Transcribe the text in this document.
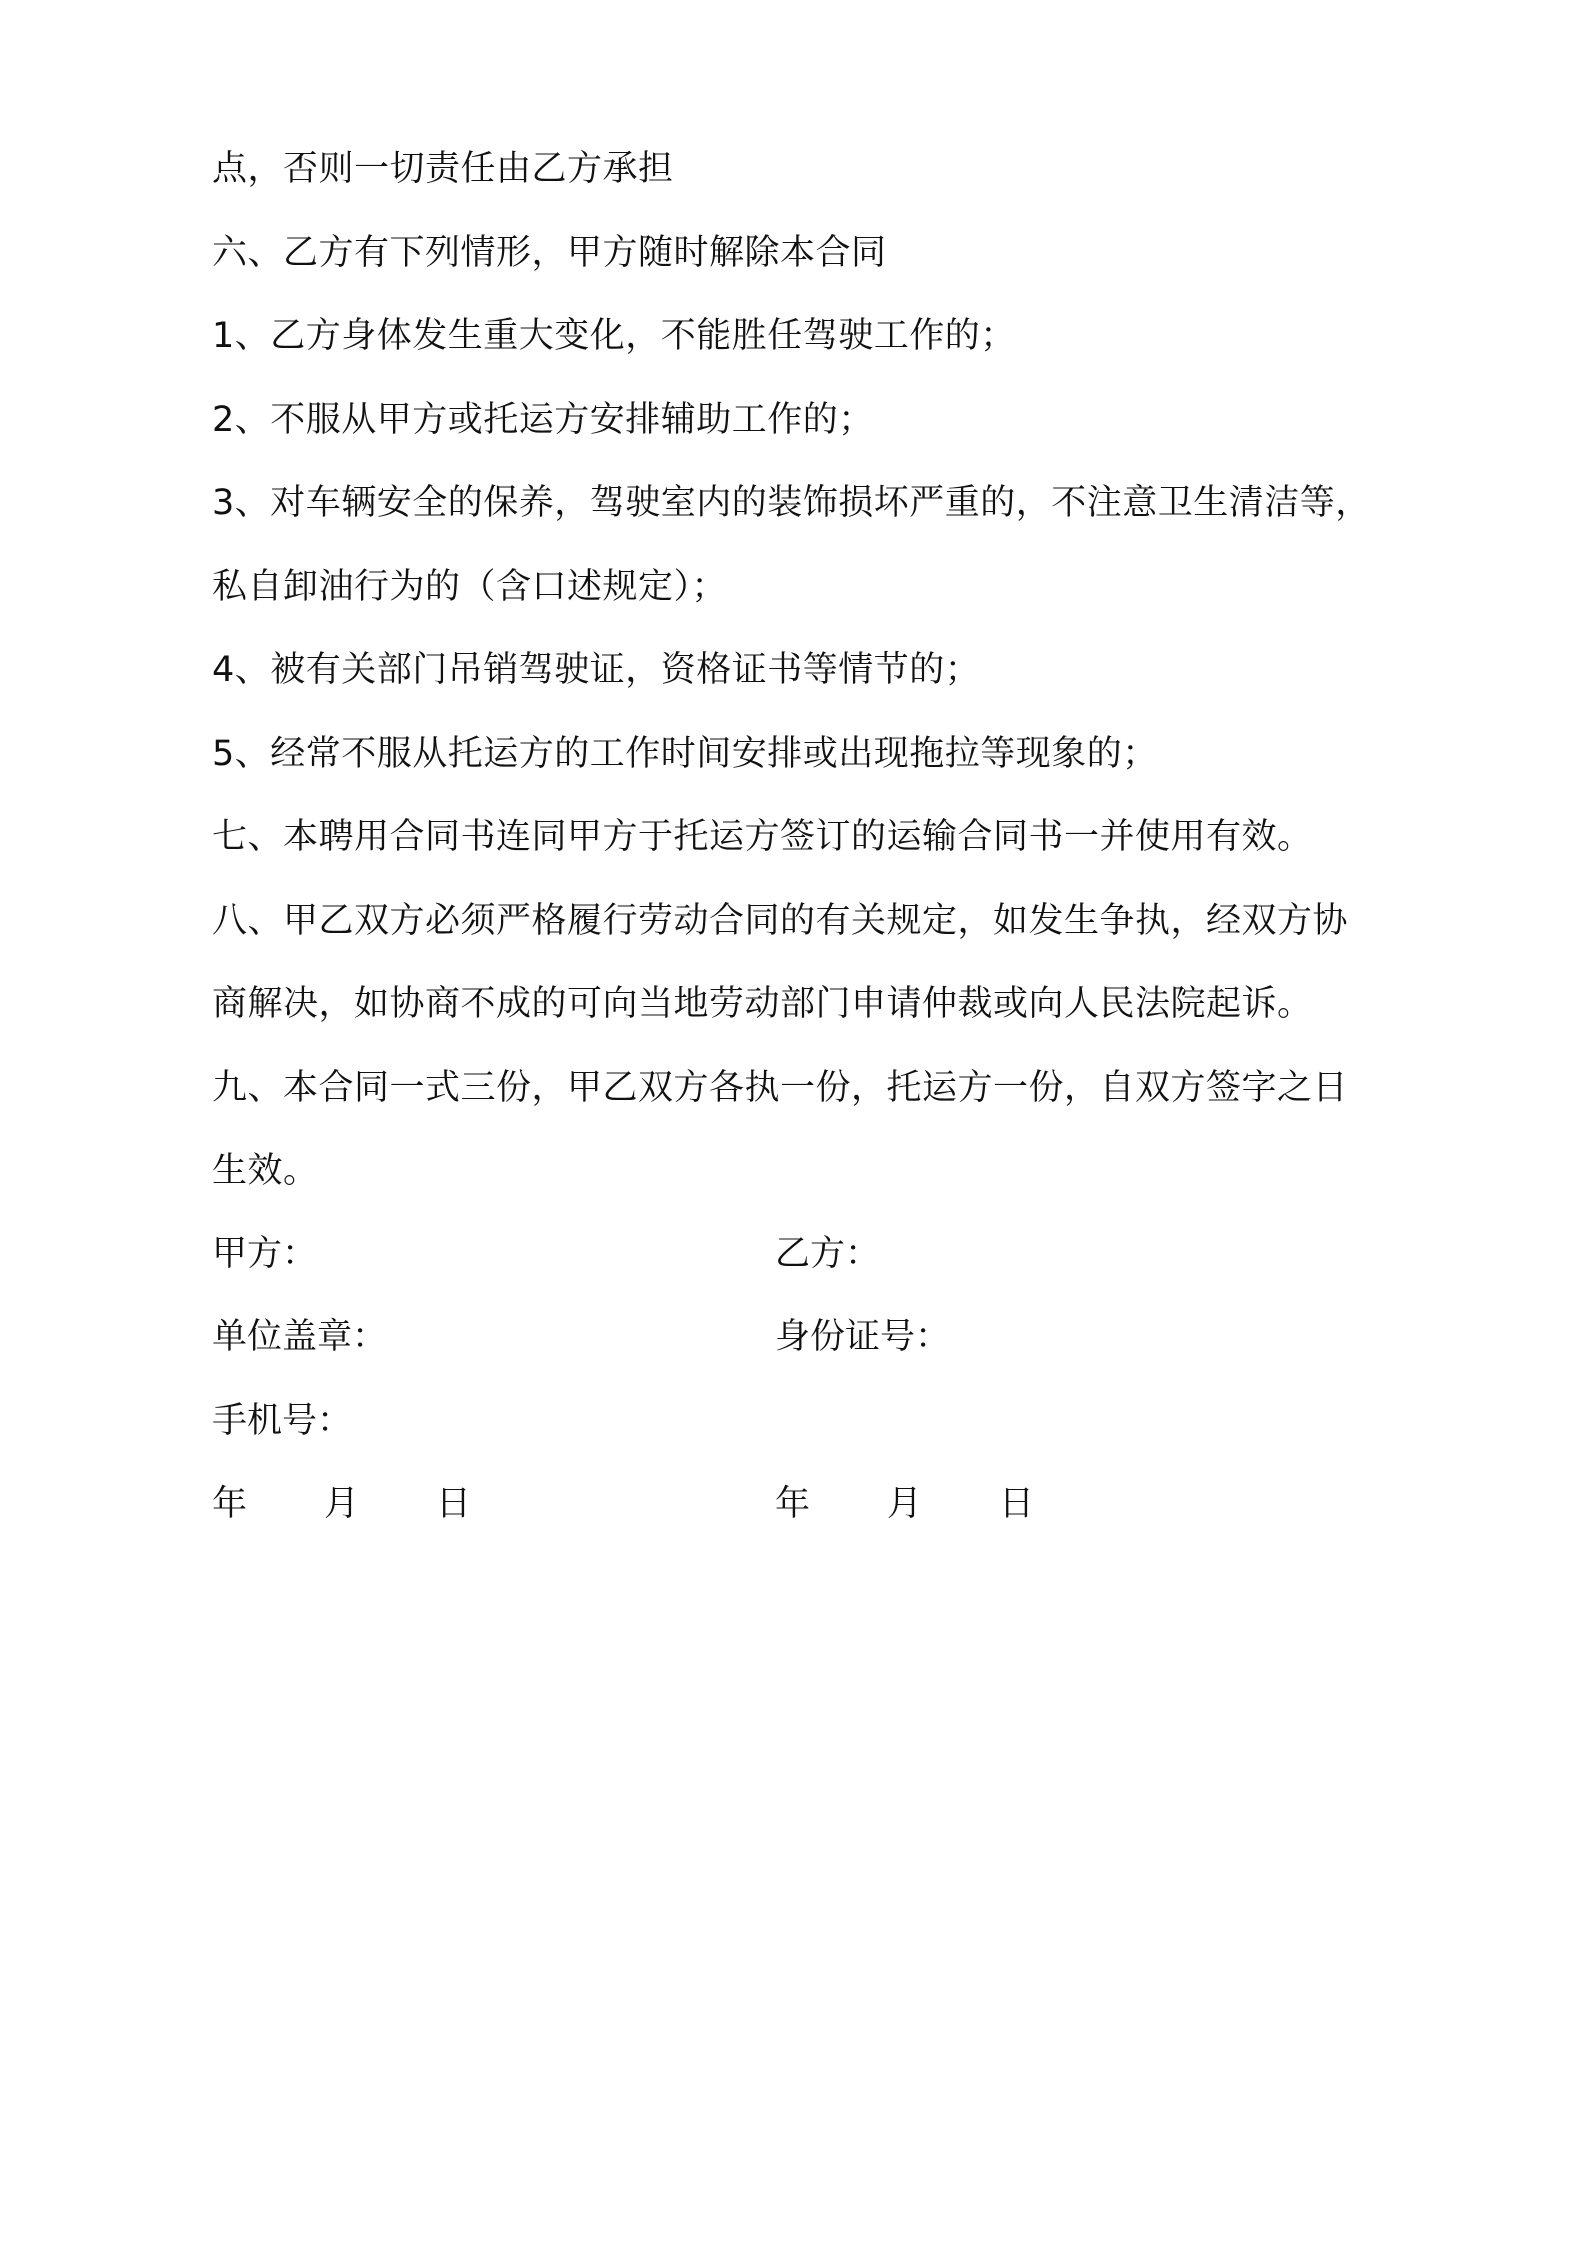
点，否则一切责任由乙方承担
六、乙方有下列情形，甲方随时解除本合同
1、乙方身体发生重大变化，不能胜任驾驶工作的；
2、不服从甲方或托运方安排辅助工作的；
3、对车辆安全的保养，驾驶室内的装饰损坏严重的，不注意卫生清洁等，
私自卸油行为的（含口述规定）；
4、被有关部门吊销驾驶证，资格证书等情节的；
5、经常不服从托运方的工作时间安排或出现拖拉等现象的；
七、本聘用合同书连同甲方于托运方签订的运输合同书一并使用有效。
八、甲乙双方必须严格履行劳动合同的有关规定，如发生争执，经双方协
商解决，如协商不成的可向当地劳动部门申请仲裁或向人民法院起诉。
九、本合同一式三份，甲乙双方各执一份，托运方一份，自双方签字之日
生效。
甲方：	乙方：
单位盖章：	身份证号：
手机号：
年 月 日	年 月 日
